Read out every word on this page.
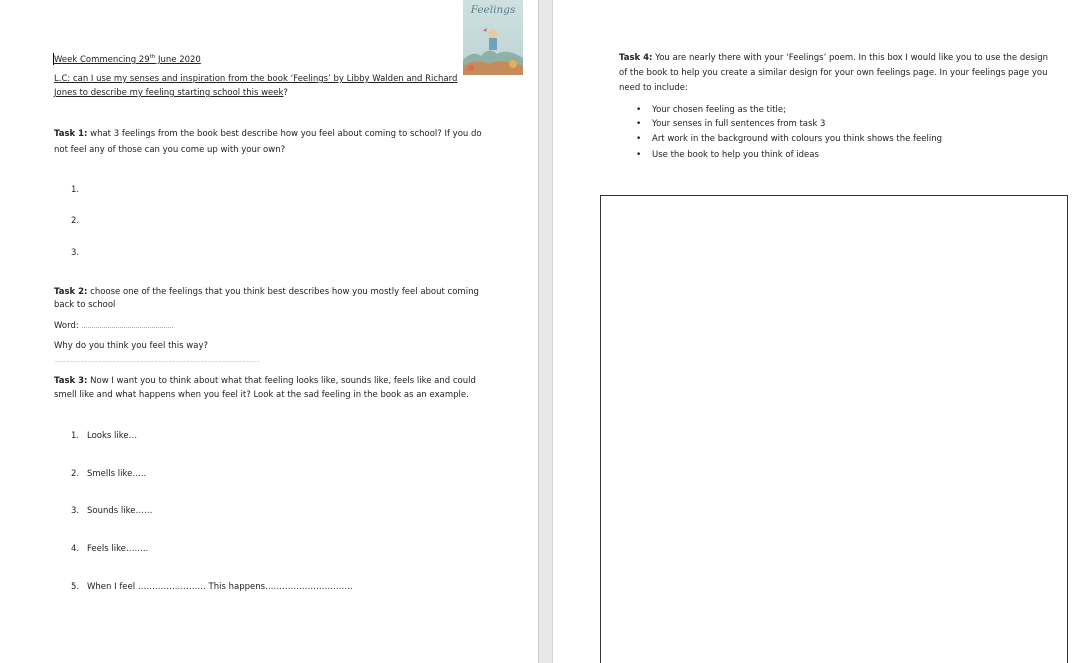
Week Commencing 29th June 2020
L.C: can I use my senses and inspiration from the book ‘Feelings’ by Libby Walden and Richard
Jones to describe my feeling starting school this week?
Feelings
Task 1: what 3 feelings from the book best describe how you feel about coming to school? If you do
not feel any of those can you come up with your own?
1.
2.
3.
Task 2: choose one of the feelings that you think best describes how you mostly feel about coming
back to school
Word: ……………………………………….
Why do you think you feel this way?
…………………………………………………………………………………………………………………………………
Task 3: Now I want you to think about what that feeling looks like, sounds like, feels like and could
smell like and what happens when you feel it? Look at the sad feeling in the book as an example.
1. Looks like…
2. Smells like…..
3. Sounds like……
4. Feels like……..
5. When I feel …………………… This happens………………………….
Task 4: You are nearly there with your ‘Feelings’ poem. In this box I would like you to use the design
of the book to help you create a similar design for your own feelings page. In your feelings page you
need to include:
• Your chosen feeling as the title;
• Your senses in full sentences from task 3
• Art work in the background with colours you think shows the feeling
• Use the book to help you think of ideas
